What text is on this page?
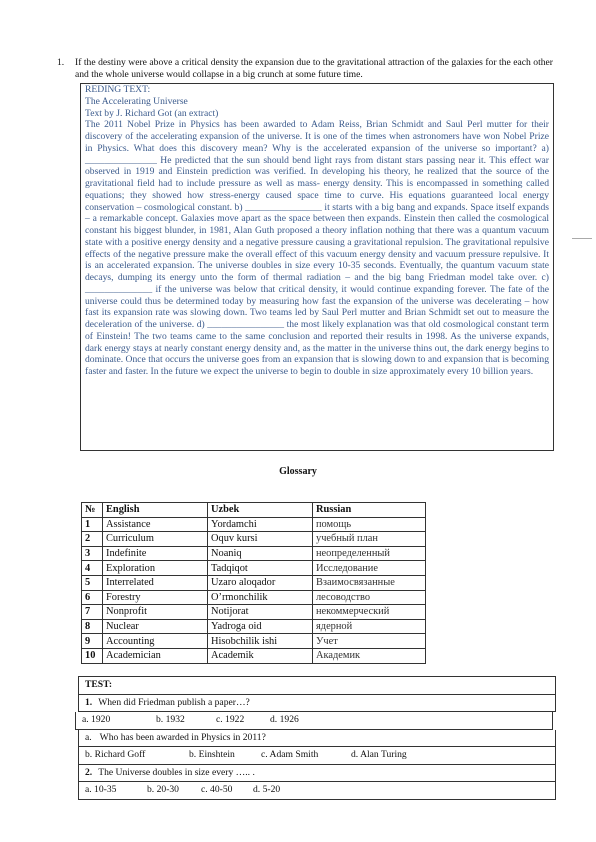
1. If the destiny were above a critical density the expansion due to the gravitational attraction of the galaxies for the each other and the whole universe would collapse in a big crunch at some future time.
REDING TEXT:
The Accelerating Universe
Text by J. Richard Got (an extract)
The 2011 Nobel Prize in Physics has been awarded to Adam Reiss, Brian Schmidt and Saul Perl mutter for their discovery of the accelerating expansion of the universe. It is one of the times when astronomers have won Nobel Prize in Physics. What does this discovery mean? Why is the accelerated expansion of the universe so important? a) _______________ He predicted that the sun should bend light rays from distant stars passing near it. This effect war observed in 1919 and Einstein prediction was verified. In developing his theory, he realized that the source of the gravitational field had to include pressure as well as mass- energy density. This is encompassed in something called equations; they showed how stress-energy caused space time to curve. His equations guaranteed local energy conservation – cosmological constant. b) ________________ it starts with a big bang and expands. Space itself expands – a remarkable concept. Galaxies move apart as the space between then expands. Einstein then called the cosmological constant his biggest blunder, in 1981, Alan Guth proposed a theory inflation nothing that there was a quantum vacuum state with a positive energy density and a negative pressure causing a gravitational repulsion. The gravitational repulsive effects of the negative pressure make the overall effect of this vacuum energy density and vacuum pressure repulsive. It is an accelerated expansion. The universe doubles in size every 10-35 seconds. Eventually, the quantum vacuum state decays, dumping its energy unto the form of thermal radiation – and the big bang Friedman model take over. c) ______________ if the universe was below that critical density, it would continue expanding forever. The fate of the universe could thus be determined today by measuring how fast the expansion of the universe was decelerating – how fast its expansion rate was slowing down. Two teams led by Saul Perl mutter and Brian Schmidt set out to measure the deceleration of the universe. d) ________________ the most likely explanation was that old cosmological constant term of Einstein! The two teams came to the same conclusion and reported their results in 1998. As the universe expands, dark energy stays at nearly constant energy density and, as the matter in the universe thins out, the dark energy begins to dominate. Once that occurs the universe goes from an expansion that is slowing down to and expansion that is becoming faster and faster. In the future we expect the universe to begin to double in size approximately every 10 billion years.
Glossary
№	English	Uzbek	Russian
1	Assistance	Yordamchi	помощь
2	Curriculum	Oquv kursi	учебный план
3	Indefinite	Noaniq	неопределенный
4	Exploration	Tadqiqot	Исследование
5	Interrelated	Uzaro aloqador	Взаимосвязанные
6	Forestry	O’rmonchilik	лесоводство
7	Nonprofit	Notijorat	некоммерческий
8	Nuclear	Yadroga oid	ядерной
9	Accounting	Hisobchilik ishi	Учет
10	Academician	Academik	Академик
TEST:
1. When did Friedman publish a paper…?
a. 1920	b. 1932	c. 1922	d. 1926
a. Who has been awarded in Physics in 2011?
b. Richard Goff	b. Einshtein	c. Adam Smith	d. Alan Turing
2. The Universe doubles in size every ….. .
a. 10-35	b. 20-30 c. 40-50 d. 5-20
